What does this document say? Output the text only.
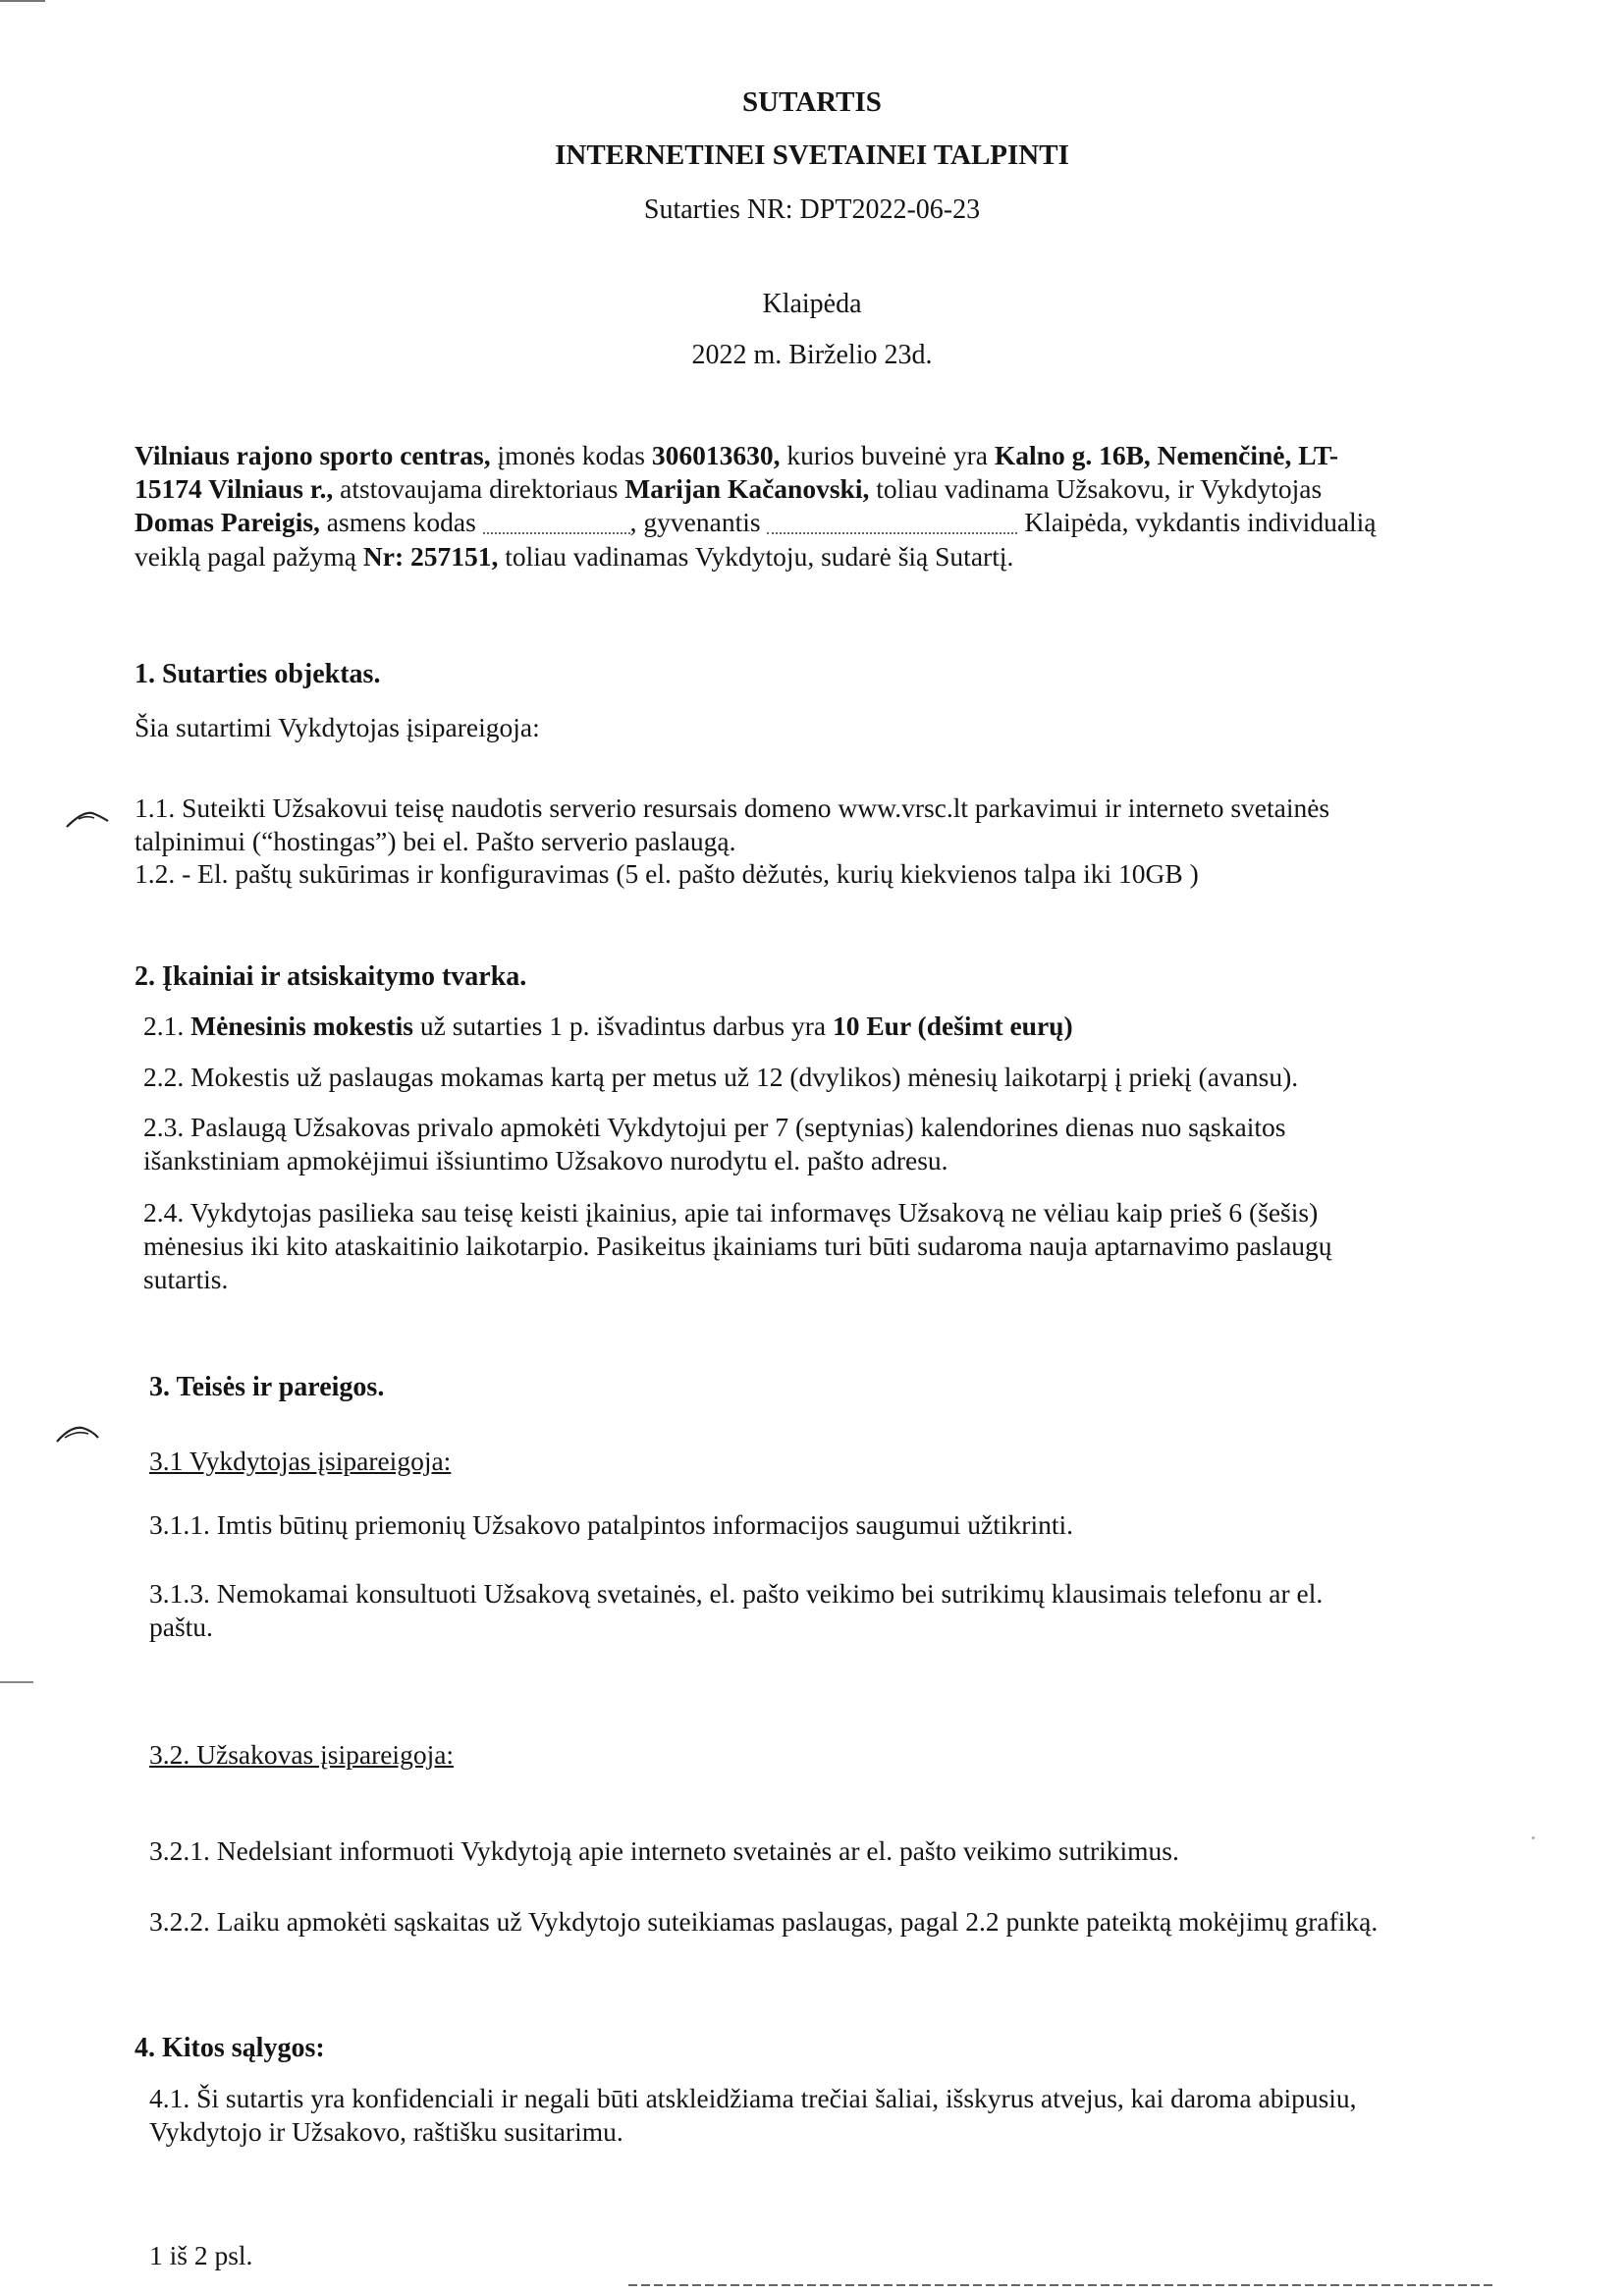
SUTARTIS
INTERNETINEI SVETAINEI TALPINTI
Sutarties NR: DPT2022-06-23
Klaipėda
2022 m. Birželio 23d.
Vilniaus rajono sporto centras, įmonės kodas 306013630, kurios buveinė yra Kalno g. 16B, Nemenčinė, LT-
15174 Vilniaus r., atstovaujama direktoriaus Marijan Kačanovski, toliau vadinama Užsakovu, ir Vykdytojas
Domas Pareigis, asmens kodas	, gyvenantis	Klaipėda, vykdantis individualią
veiklą pagal pažymą Nr: 257151, toliau vadinamas Vykdytoju, sudarė šią Sutartį.
1. Sutarties objektas.
Šia sutartimi Vykdytojas įsipareigoja:
1.1. Suteikti Užsakovui teisę naudotis serverio resursais domeno www.vrsc.lt parkavimui ir interneto svetainės
talpinimui (“hostingas”) bei el. Pašto serverio paslaugą.
1.2. - El. paštų sukūrimas ir konfiguravimas (5 el. pašto dėžutės, kurių kiekvienos talpa iki 10GB )
2. Įkainiai ir atsiskaitymo tvarka.
2.1. Mėnesinis mokestis už sutarties 1 p. išvadintus darbus yra 10 Eur (dešimt eurų)
2.2. Mokestis už paslaugas mokamas kartą per metus už 12 (dvylikos) mėnesių laikotarpį į priekį (avansu).
2.3. Paslaugą Užsakovas privalo apmokėti Vykdytojui per 7 (septynias) kalendorines dienas nuo sąskaitos
išankstiniam apmokėjimui išsiuntimo Užsakovo nurodytu el. pašto adresu.
2.4. Vykdytojas pasilieka sau teisę keisti įkainius, apie tai informavęs Užsakovą ne vėliau kaip prieš 6 (šešis)
mėnesius iki kito ataskaitinio laikotarpio. Pasikeitus įkainiams turi būti sudaroma nauja aptarnavimo paslaugų
sutartis.
3. Teisės ir pareigos.
3.1 Vykdytojas įsipareigoja:
3.1.1. Imtis būtinų priemonių Užsakovo patalpintos informacijos saugumui užtikrinti.
3.1.3. Nemokamai konsultuoti Užsakovą svetainės, el. pašto veikimo bei sutrikimų klausimais telefonu ar el.
paštu.
3.2. Užsakovas įsipareigoja:
3.2.1. Nedelsiant informuoti Vykdytoją apie interneto svetainės ar el. pašto veikimo sutrikimus.
3.2.2. Laiku apmokėti sąskaitas už Vykdytojo suteikiamas paslaugas, pagal 2.2 punkte pateiktą mokėjimų grafiką.
4. Kitos sąlygos:
4.1. Ši sutartis yra konfidenciali ir negali būti atskleidžiama trečiai šaliai, išskyrus atvejus, kai daroma abipusiu,
Vykdytojo ir Užsakovo, raštišku susitarimu.
1 iš 2 psl.
